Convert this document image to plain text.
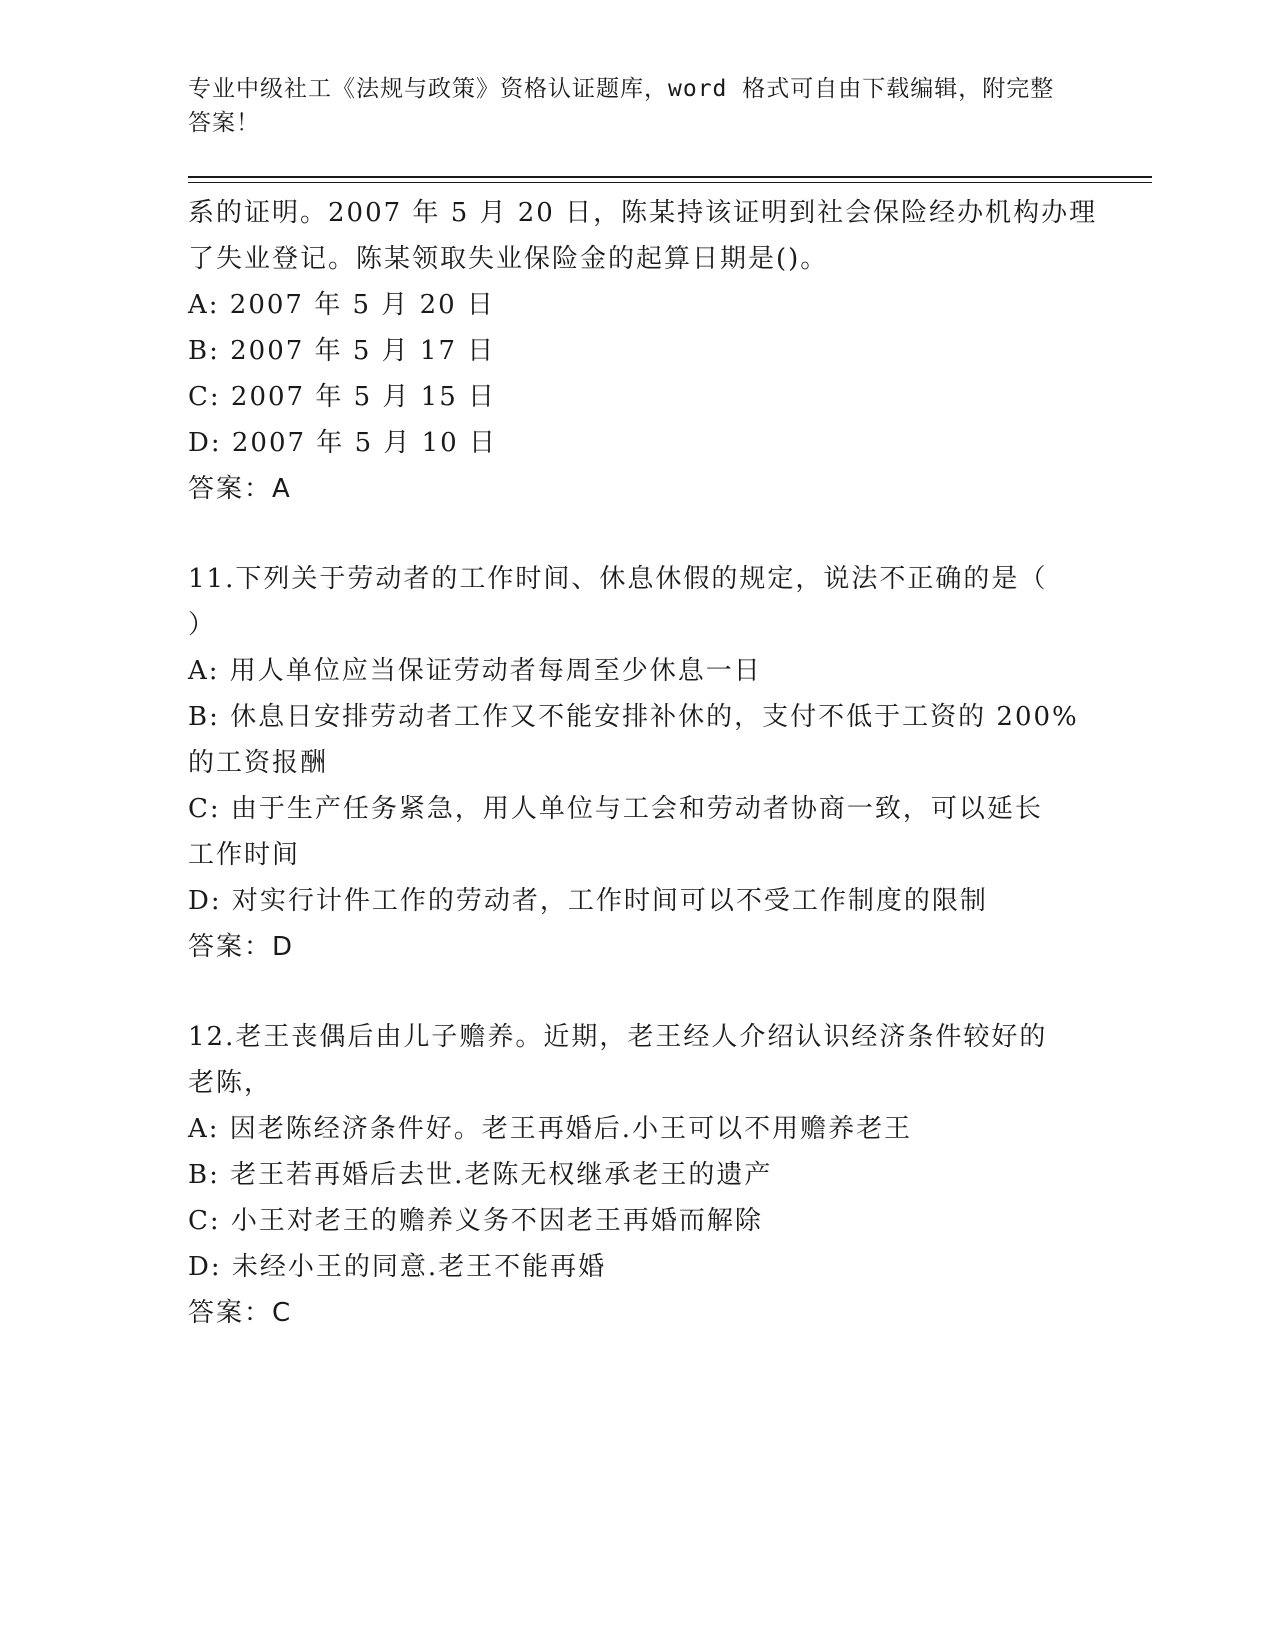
专业中级社工《法规与政策》资格认证题库，word 格式可自由下载编辑，附完整
答案！
系的证明。2007 年 5 月 20 日，陈某持该证明到社会保险经办机构办理
了失业登记。陈某领取失业保险金的起算日期是()。
A: 2007 年 5 月 20 日
B: 2007 年 5 月 17 日
C: 2007 年 5 月 15 日
D: 2007 年 5 月 10 日
答案：A
11.下列关于劳动者的工作时间、休息休假的规定，说法不正确的是（
）
A: 用人单位应当保证劳动者每周至少休息一日
B: 休息日安排劳动者工作又不能安排补休的，支付不低于工资的 200%
的工资报酬
C: 由于生产任务紧急，用人单位与工会和劳动者协商一致，可以延长
工作时间
D: 对实行计件工作的劳动者，工作时间可以不受工作制度的限制
答案：D
12.老王丧偶后由儿子赡养。近期，老王经人介绍认识经济条件较好的
老陈，
A: 因老陈经济条件好。老王再婚后.小王可以不用赡养老王
B: 老王若再婚后去世.老陈无权继承老王的遗产
C: 小王对老王的赡养义务不因老王再婚而解除
D: 未经小王的同意.老王不能再婚
答案：C
